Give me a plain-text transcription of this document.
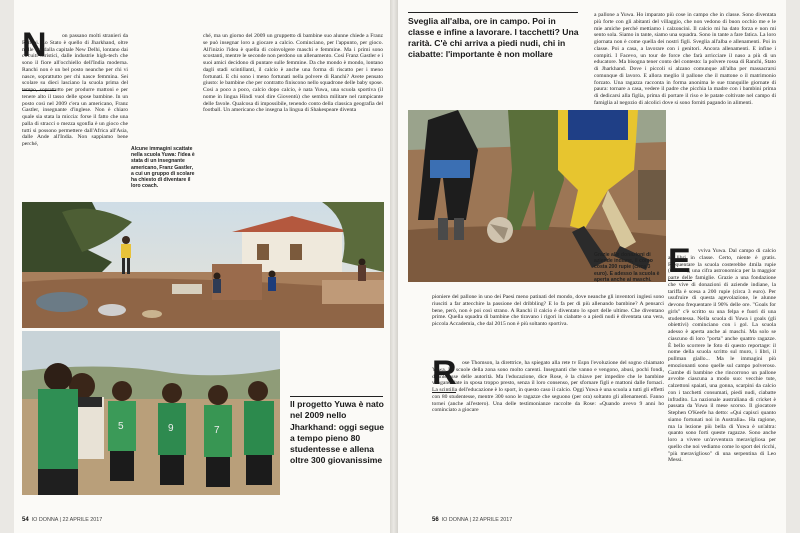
N	on passano molti stranieri da Ranchi. Lo Stato è quello di Jharkhand, oltre mille km dalla capitale New Delhi, lontano dai circuiti turistici, dalle industrie high-tech che sono il fiore all'occhiello dell'India moderna. Ranchi non è un bel posto neanche per chi vi nasce, soprattutto per chi nasce femmina. Sei scolare su dieci lasciano la scuola prima del tempo, soprattutto per produrre mattoni e per tenere alto il tasso delle spose bambine. In un posto così nel 2009 c'era un americano, Franz Gastler, insegnante d'inglese. Non è chiaro quale sia stata la miccia: forse il fatto che una palla di stracci o mezza sgonfia è un gioco che tutti si possono permettere dall'Africa all'Asia, dalle Ande all'India. Non sappiamo bene perché,

ché, ma un giorno del 2009 un gruppetto di bambine suo alunne chiede a Franz se può insegnar loro a giocare a calcio. Cominciano, per l'appunto, per gioco. All'inizio l'idea è quella di coinvolgere maschi e femmine. Ma i primi sono scostanti, mentre le seconde non perdono un allenamento. Così Franz Gastler e i suoi amici decidono di puntare sulle femmine. Da che mondo è mondo, lontano dagli stadi scintillanti, il calcio è anche una forma di riscatto per i meno fortunati. E chi sono i meno fortunati nella polvere di Ranchi? Avete pensato giusto: le bambine che per contratto finiscono nello squadrone delle baby spose. Così a poco a poco, calcio dopo calcio, è nata Yuwa, una scuola sportiva (il nome in lingua Hindi vuol dire Gioventù) che sembra militare nel rampicante delle favole. Qualcosa di impossibile, tenendo conto della classica geografia del football. Un americano che insegna la lingua di Shakespeare diventa

Alcune immagini scattate nella scuola Yuwa: l'idea è stata di un insegnante americano, Franz Gastler, a cui un gruppo di scolare ha chiesto di diventare il loro coach.

5	9	7

Il progetto Yuwa è nato nel 2009 nello Jharkhand: oggi segue a tempo pieno 80 studentesse e allena oltre 300 giovanissime

54 IO DONNA | 22 APRILE 2017

Sveglia all'alba, ore in campo. Poi in classe e infine a lavorare. I tacchetti? Una rarità. C'è chi arriva a piedi nudi, chi in ciabatte: l'importante è non mollare

a pallone a Yuwa. Ho imparato più cose in campo che in classe. Sono diventata più forte con gli abitanti del villaggio, che non vedono di buon occhio me e le mie amiche perché mettiamo i calzoncini. Il calcio mi ha dato forza e non mi sento sola. Siamo in tante, siamo una squadra. Sono in tante a fare fatica. La loro giornata non è come quella dei nostri figli. Sveglia all'alba e allenamenti. Poi in classe. Poi a casa, a lavorare con i genitori. Ancora allenamenti. E infine i compiti. I Facevo, un tour de force che farà arricciare il naso a più di un educatore. Ma bisogna tener conto del contesto: la polvere rossa di Ranchi, Stato di Jharkhand. Dove i piccoli si alzano comunque all'alba per massacrarsi comunque di lavoro. E allora meglio il pallone che il mattone o il matrimonio forzato. Una ragazza racconta in forma anonima le sue tranquille giornate di paura: tornare a casa, vedere il padre che picchia la madre con i bambini prima di dedicarsi alla figlia, prima di portare il riso e le patate coltivate nel campo di famiglia al negozio di alcolici dove si sono forniti pagando in alimenti.

Grazie alle donazioni di aziende indiane, il corso costa 200 rupie (circa 3 euro). E adesso la scuola è aperta anche ai maschi. E	vviva Yuwa. Dal campo di calcio ai libri in classe. Certo, niente è gratis. Frequentare la scuola costerebbe 4mila rupie (60 euro), una cifra astronomica per la maggior parte delle famiglie. Grazie a una fondazione che vive di donazioni di aziende indiane, la tariffa è scesa a 200 rupie (circa 3 euro). Per usufruire di questa agevolazione, le alunne devono frequentare il 90% delle ore. "Goals for girls" c'è scritto su una felpa e fuori di una studentessa. Nella scuola di Yuwa i goals (gli obiettivi) cominciano con i gol. La scuola adesso è aperta anche ai maschi. Ma solo se ciascuno di loro "porta" anche quattro ragazze. È bello scorrere le foto di questo reportage: il nome della scuola scritto sul muro, i libri, il pullman giallo... Ma le immagini più emozionanti sono quelle sul campo polveroso. Gambe di bambine che rincorrono un pallone avvolte ciascuna a modo suo: vecchie tute, calzettoni spaiati, una gonna, scarpini da calcio con i tacchetti consumati, piedi nudi, ciabatte infradito. La nazionale australiana di cricket è passata da Yuwa il mese scorso. Il giocatore Stephen O'Keefe ha detto: «Qui capisci quanto siamo fortunati noi in Australia». Ha ragione, ma la lezione più bella di Yuwa è un'altra: quanto sono forti queste ragazze. Sono anche loro a vivere un'avventura meravigliosa per quello che noi vediamo come lo sport dei ricchi, "più meraviglioso" di una serpentina di Leo Messi.

pioniere del pallone in uno dei Paesi meno patinati del mondo, dove neanche gli inventori inglesi sono riusciti a far attecchire la passione del dribbling? E lo fa per di più allenando bambine? A pensarci bene, però, non è poi così strano. A Ranchi il calcio è diventato lo sport delle ultime. Che diventano prime. Quella squadra di bambine che tiravano i rigori in ciabatte o a piedi nudi è diventata una vera, piccola Accademia, che dal 2015 non è più soltanto sportiva.

R ose Thomson, la direttrice, ha spiegato alla rete tv Espn l'evoluzione del sogno chiamato Yuwa. Le scuole della zona sono molto carenti. Insegnanti che vanno e vengono, abusi, pochi fondi, disinteresse delle autorità. Ma l'educazione, dice Rose, è la chiave per impedire che le bambine vengano date in sposa troppo presto, senza il loro consenso, per sfornare figli e mattoni dalle fornaci. La scintilla dell'educazione è lo sport, in questo caso il calcio. Oggi Yuwa è una scuola a tutti gli effetti con 80 studentesse, mentre 300 sono le ragazze che seguono (per ora) soltanto gli allenamenti. Fanno tornei (anche all'estero). Una delle testimonianze raccolte da Rose: «Quando avevo 9 anni ho cominciato a giocare

56 IO DONNA | 22 APRILE 2017
